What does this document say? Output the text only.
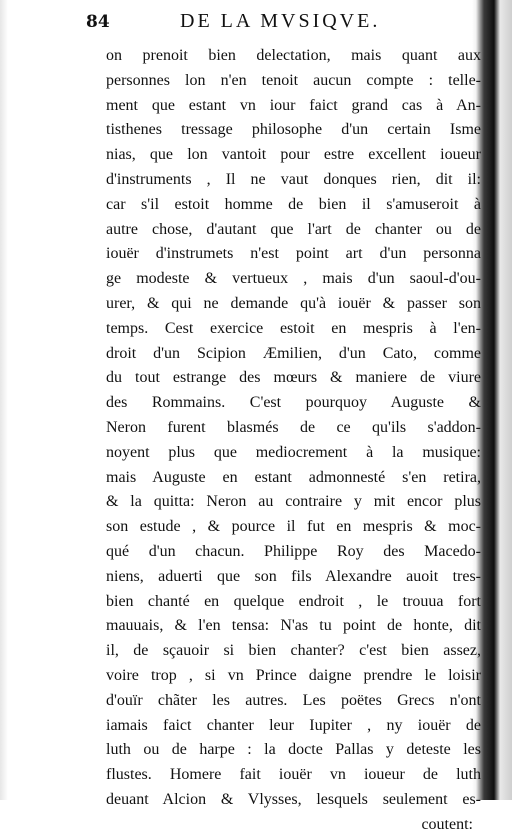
84	DE LA MVSIQVE.
on prenoit bien delectation, mais quant aux
personnes lon n'en tenoit aucun compte : telle-
ment que estant vn iour faict grand cas à An-
tisthenes tressage philosophe d'un certain Isme
nias, que lon vantoit pour estre excellent ioueur
d'instruments , Il ne vaut donques rien, dit il:
car s'il estoit homme de bien il s'amuseroit à
autre chose, d'autant que l'art de chanter ou de
iouër d'instrumets n'est point art d'un personna
ge modeste & vertueux , mais d'un saoul-d'ou-
urer, & qui ne demande qu'à iouër & passer son
temps. Cest exercice estoit en mespris à l'en-
droit d'un Scipion Æmilien, d'un Cato, comme
du tout estrange des mœurs & maniere de viure
des Rommains. C'est pourquoy Auguste &
Neron furent blasmés de ce qu'ils s'addon-
noyent plus que mediocrement à la musique:
mais Auguste en estant admonnesté s'en retira,
& la quitta: Neron au contraire y mit encor plus
son estude , & pource il fut en mespris & moc-
qué d'un chacun. Philippe Roy des Macedo-
niens, aduerti que son fils Alexandre auoit tres-
bien chanté en quelque endroit , le trouua fort
mauuais, & l'en tensa: N'as tu point de honte, dit
il, de sçauoir si bien chanter? c'est bien assez,
voire trop , si vn Prince daigne prendre le loisir
d'ouïr chãter les autres. Les poëtes Grecs n'ont
iamais faict chanter leur Iupiter , ny iouër de
luth ou de harpe : la docte Pallas y deteste les
flustes. Homere fait iouër vn ioueur de luth
deuant Alcion & Vlysses, lesquels seulement es-
coutent:
